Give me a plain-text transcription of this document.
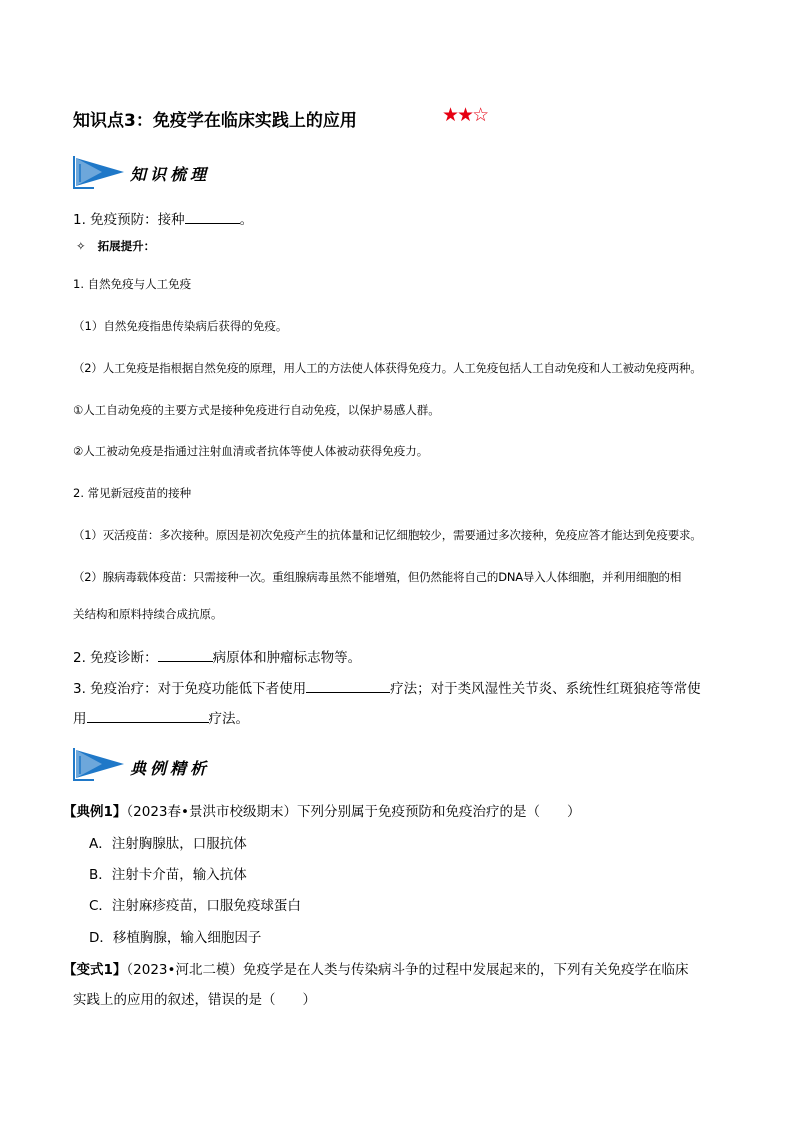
知识点3：免疫学在临床实践上的应用	★★☆
知识梳理
1. 免疫预防：接种	。
✧ 拓展提升：
1. 自然免疫与人工免疫
（1）自然免疫指患传染病后获得的免疫。
（2）人工免疫是指根据自然免疫的原理，用人工的方法使人体获得免疫力。人工免疫包括人工自动免疫和人工被动免疫两种。
①人工自动免疫的主要方式是接种免疫进行自动免疫，以保护易感人群。
②人工被动免疫是指通过注射血清或者抗体等使人体被动获得免疫力。
2. 常见新冠疫苗的接种
（1）灭活疫苗：多次接种。原因是初次免疫产生的抗体量和记忆细胞较少，需要通过多次接种，免疫应答才能达到免疫要求。
（2）腺病毒载体疫苗：只需接种一次。重组腺病毒虽然不能增殖，但仍然能将自己的DNA导入人体细胞，并利用细胞的相
关结构和原料持续合成抗原。
2. 免疫诊断：	病原体和肿瘤标志物等。
3. 免疫治疗：对于免疫功能低下者使用	疗法；对于类风湿性关节炎、系统性红斑狼疮等常使
用	疗法。
典例精析
【典例1】（2023春•景洪市校级期末）下列分别属于免疫预防和免疫治疗的是（　　）
A．注射胸腺肽，口服抗体
B．注射卡介苗，输入抗体
C．注射麻疹疫苗，口服免疫球蛋白
D．移植胸腺，输入细胞因子
【变式1】（2023•河北二模）免疫学是在人类与传染病斗争的过程中发展起来的，下列有关免疫学在临床
实践上的应用的叙述，错误的是（　　）
